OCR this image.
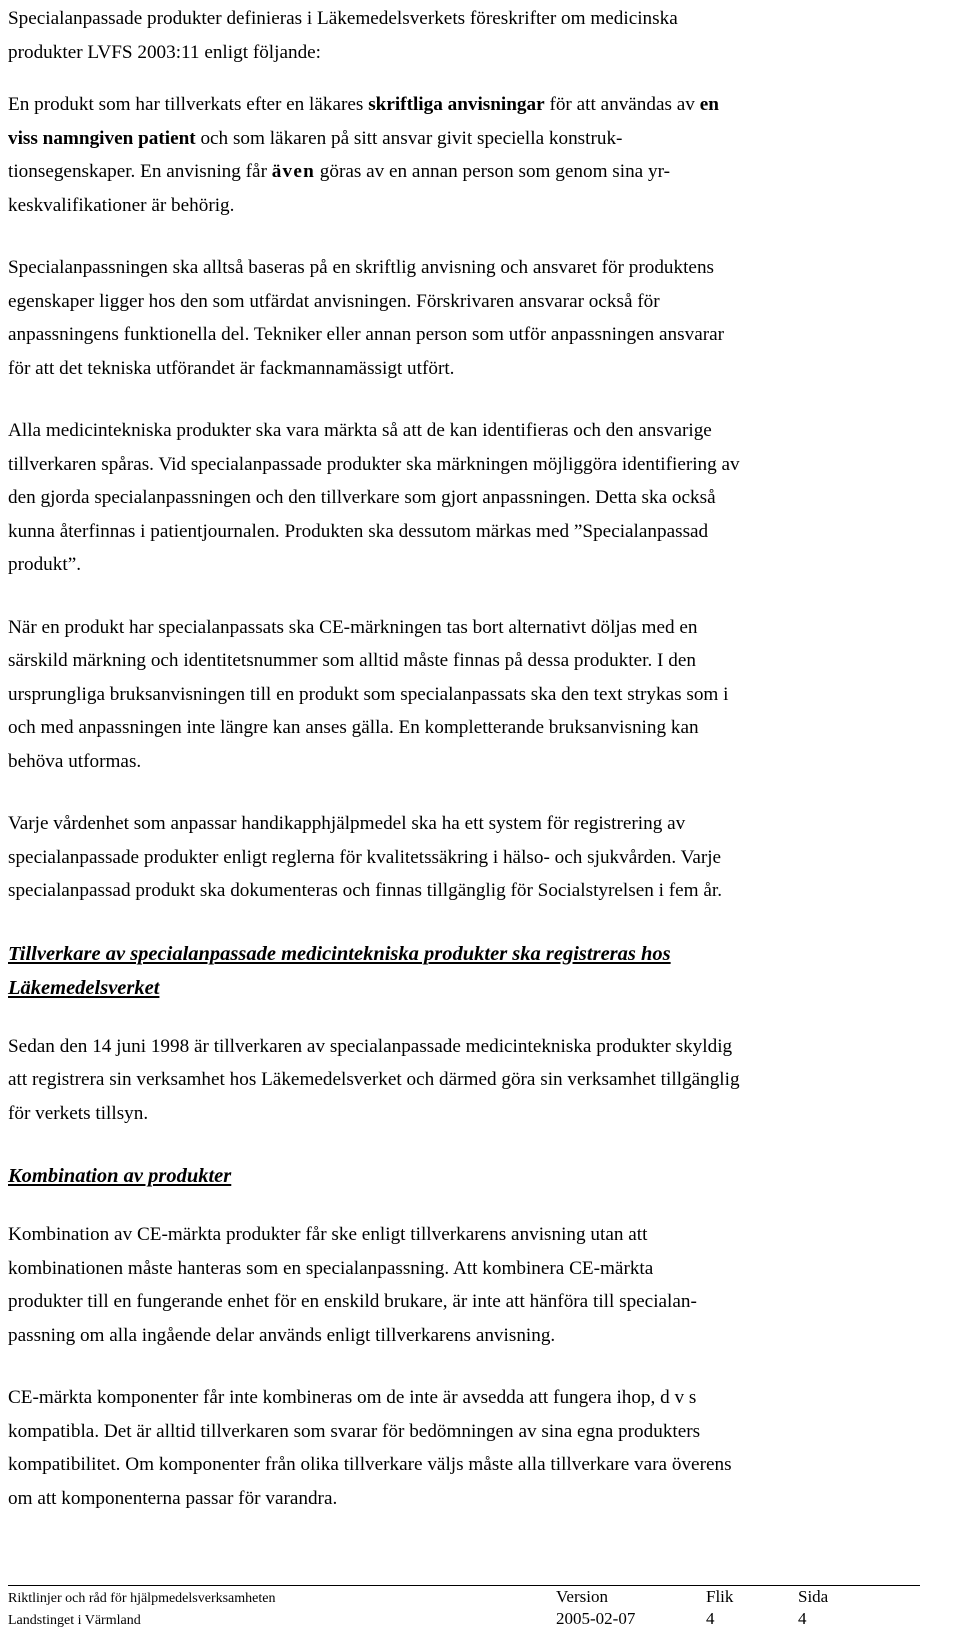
Specialanpassade produkter definieras i Läkemedelsverkets föreskrifter om medicinska
produkter LVFS 2003:11 enligt följande:

En produkt som har tillverkats efter en läkares skriftliga anvisningar för att användas av en
viss namngiven patient och som läkaren på sitt ansvar givit speciella konstruk-
tionsegenskaper. En anvisning får även göras av en annan person som genom sina yr-
keskvalifikationer är behörig.

Specialanpassningen ska alltså baseras på en skriftlig anvisning och ansvaret för produktens
egenskaper ligger hos den som utfärdat anvisningen. Förskrivaren ansvarar också för
anpassningens funktionella del. Tekniker eller annan person som utför anpassningen ansvarar
för att det tekniska utförandet är fackmannamässigt utfört.

Alla medicintekniska produkter ska vara märkta så att de kan identifieras och den ansvarige
tillverkaren spåras. Vid specialanpassade produkter ska märkningen möjliggöra identifiering av
den gjorda specialanpassningen och den tillverkare som gjort anpassningen. Detta ska också
kunna återfinnas i patientjournalen. Produkten ska dessutom märkas med ”Specialanpassad
produkt”.

När en produkt har specialanpassats ska CE-märkningen tas bort alternativt döljas med en
särskild märkning och identitetsnummer som alltid måste finnas på dessa produkter. I den
ursprungliga bruksanvisningen till en produkt som specialanpassats ska den text strykas som i
och med anpassningen inte längre kan anses gälla. En kompletterande bruksanvisning kan
behöva utformas.

Varje vårdenhet som anpassar handikapphjälpmedel ska ha ett system för registrering av
specialanpassade produkter enligt reglerna för kvalitetssäkring i hälso- och sjukvården. Varje
specialanpassad produkt ska dokumenteras och finnas tillgänglig för Socialstyrelsen i fem år.

Tillverkare av specialanpassade medicintekniska produkter ska registreras hos
Läkemedelsverket

Sedan den 14 juni 1998 är tillverkaren av specialanpassade medicintekniska produkter skyldig
att registrera sin verksamhet hos Läkemedelsverket och därmed göra sin verksamhet tillgänglig
för verkets tillsyn.

Kombination av produkter

Kombination av CE-märkta produkter får ske enligt tillverkarens anvisning utan att
kombinationen måste hanteras som en specialanpassning. Att kombinera CE-märkta
produkter till en fungerande enhet för en enskild brukare, är inte att hänföra till specialan-
passning om alla ingående delar används enligt tillverkarens anvisning.

CE-märkta komponenter får inte kombineras om de inte är avsedda att fungera ihop, d v s
kompatibla. Det är alltid tillverkaren som svarar för bedömningen av sina egna produkters
kompatibilitet. Om komponenter från olika tillverkare väljs måste alla tillverkare vara överens
om att komponenterna passar för varandra.

Riktlinjer och råd för hjälpmedelsverksamheten	Version	Flik	Sida
Landstinget i Värmland	2005-02-07	4	4
